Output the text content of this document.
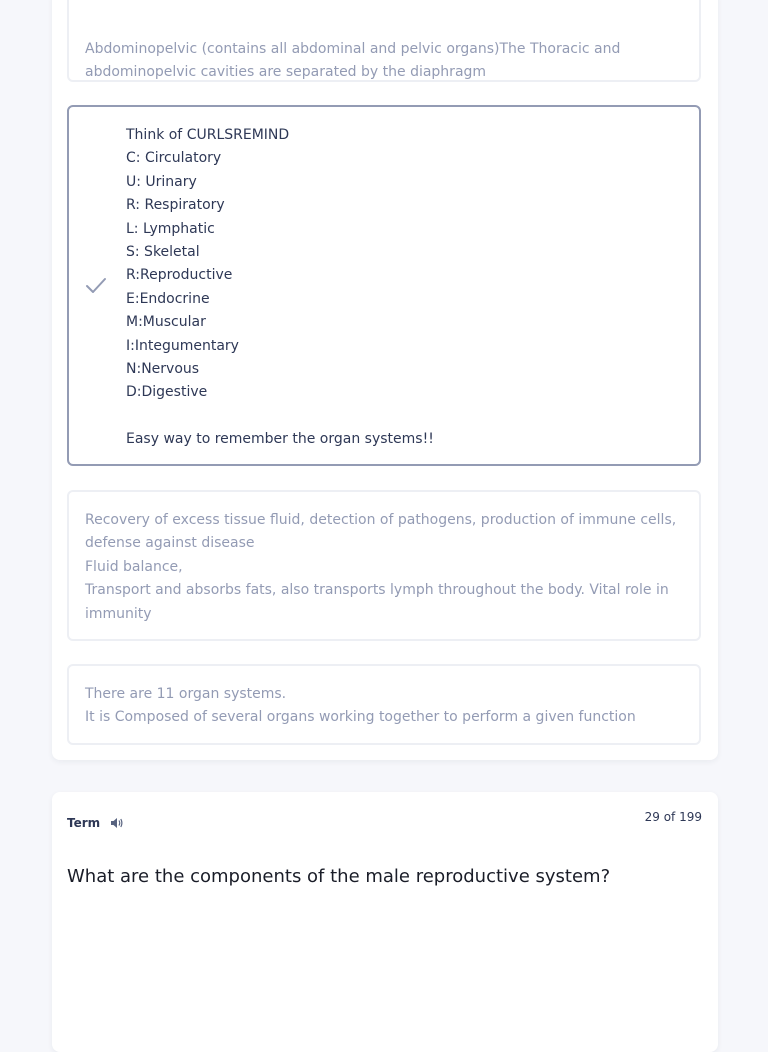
Abdominopelvic (contains all abdominal and pelvic organs)The Thoracic and
abdominopelvic cavities are separated by the diaphragm

Think of CURLSREMIND
C: Circulatory
U: Urinary
R: Respiratory
L: Lymphatic
S: Skeletal
R:Reproductive
E:Endocrine
M:Muscular
I:Integumentary
N:Nervous
D:Digestive

Easy way to remember the organ systems!!

Recovery of excess tissue fluid, detection of pathogens, production of immune cells,
defense against disease
Fluid balance,
Transport and absorbs fats, also transports lymph throughout the body. Vital role in
immunity

There are 11 organ systems.
It is Composed of several organs working together to perform a given function

Term	29 of 199
What are the components of the male reproductive system?
